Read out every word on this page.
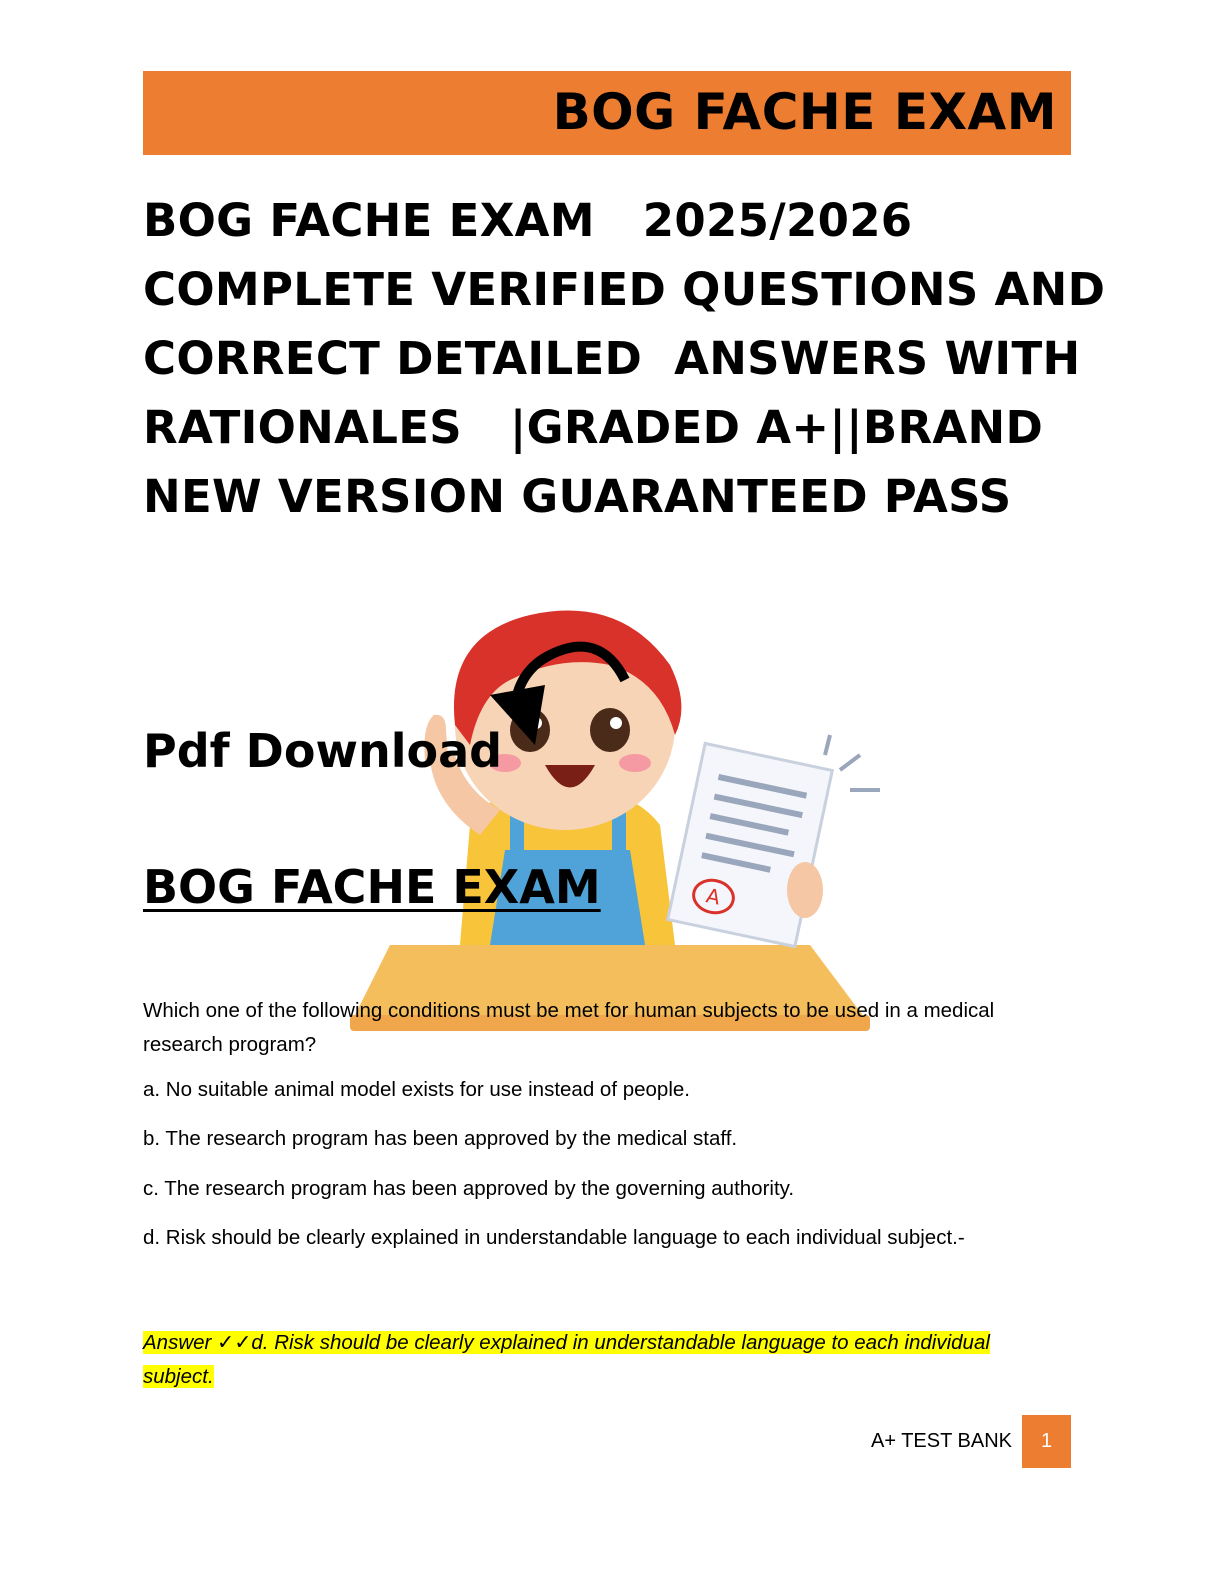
BOG FACHE EXAM
BOG FACHE EXAM   2025/2026
COMPLETE VERIFIED QUESTIONS AND
CORRECT DETAILED  ANSWERS WITH
RATIONALES   |GRADED A+||BRAND
NEW VERSION GUARANTEED PASS
A
Pdf Download
BOG FACHE EXAM

Which one of the following conditions must be met for human subjects to be used in a medical research program?

a. No suitable animal model exists for use instead of people.

b. The research program has been approved by the medical staff.

c. The research program has been approved by the governing authority.

d. Risk should be clearly explained in understandable language to each individual subject.-

Answer ✓✓d. Risk should be clearly explained in understandable language to each individual subject.

A+ TEST BANK	1
